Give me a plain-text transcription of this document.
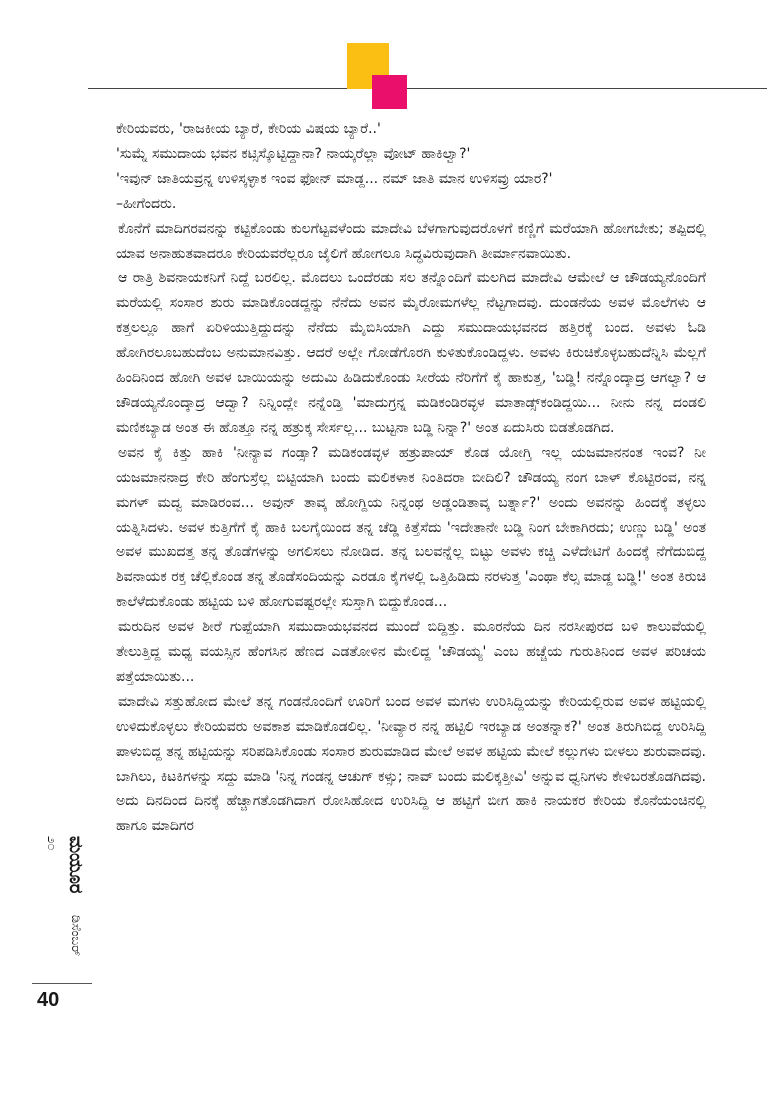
ಕೇರಿಯವರು, 'ರಾಜಕೀಯ ಬ್ಯಾರೆ, ಕೇರಿಯ ವಿಷಯ ಬ್ಯಾರೆ..'

'ಸುಮ್ನೆ ಸಮುದಾಯ ಭವನ ಕಟ್ಸಿಸ್ಕೊಟ್ಟಿದ್ದಾನಾ? ನಾಯ್ಕರೆಲ್ಲಾ ವೋಟ್ ಹಾಕಿಲ್ವಾ?'

'ಇವುನ್ ಜಾತಿಯವ್ರನ್ನ ಉಳಿಸ್ಕಳ್ಳಾಕ ಇಂವ ಫೋನ್ ಮಾಡ್ದ... ನಮ್ ಜಾತಿ ಮಾನ ಉಳಿಸವ್ರು ಯಾರ?'

–ಹೀಗೆಂದರು.

ಕೊನೆಗೆ ಮಾದಿಗರವನನ್ನು ಕಟ್ಟಿಕೊಂಡು ಕುಲಗೆಟ್ಟವಳೆಂದು ಮಾದೇವಿ ಬೆಳಗಾಗುವುದರೊಳಗೆ ಕಣ್ಣಿಗೆ ಮರೆಯಾಗಿ ಹೋಗಬೇಕು; ತಪ್ಪಿದಲ್ಲಿ ಯಾವ ಅನಾಹುತವಾದರೂ ಕೇರಿಯವರೆಲ್ಲರೂ ಜೈಲಿಗೆ ಹೋಗಲೂ ಸಿದ್ಧವಿರುವುದಾಗಿ ತೀರ್ಮಾನವಾಯಿತು.

ಆ ರಾತ್ರಿ ಶಿವನಾಯಕನಿಗೆ ನಿದ್ದೆ ಬರಲಿಲ್ಲ. ಮೊದಲು ಒಂದೆರಡು ಸಲ ತನ್ನೊಂದಿಗೆ ಮಲಗಿದ ಮಾದೇವಿ ಆಮೇಲೆ ಆ ಚೌಡಯ್ಯನೊಂದಿಗೆ ಮರೆಯಲ್ಲಿ ಸಂಸಾರ ಶುರು ಮಾಡಿಕೊಂಡದ್ದನ್ನು ನೆನೆದು ಅವನ ಮೈರೋಮಗಳೆಲ್ಲ ನೆಟ್ಟಗಾದವು. ದುಂಡನೆಯ ಅವಳ ಮೊಲೆಗಳು ಆ ಕತ್ತಲಲ್ಲೂ ಹಾಗೆ ಏರಿಳಿಯುತ್ತಿದ್ದುದನ್ನು ನೆನೆದು ಮೈಬಿಸಿಯಾಗಿ ಎದ್ದು ಸಮುದಾಯಭವನದ ಹತ್ತಿರಕ್ಕೆ ಬಂದ. ಅವಳು ಓಡಿ ಹೋಗಿರಲೂಬಹುದೆಂಬ ಅನುಮಾನವಿತ್ತು. ಆದರೆ ಅಲ್ಲೇ ಗೋಡೆಗೊರಗಿ ಕುಳಿತುಕೊಂಡಿದ್ದಳು. ಅವಳು ಕಿರುಚಿಕೊಳ್ಳಬಹುದೆನ್ನಿಸಿ ಮೆಲ್ಲಗೆ ಹಿಂದಿನಿಂದ ಹೋಗಿ ಅವಳ ಬಾಯಿಯನ್ನು ಅದುಮಿ ಹಿಡಿದುಕೊಂಡು ಸೀರೆಯ ನೆರಿಗೆಗೆ ಕೈ ಹಾಕುತ್ತ, 'ಬಡ್ಡಿ! ನನ್ನೊಂದ್ಕಾದ್ರ ಆಗಲ್ವಾ? ಆ ಚೌಡಯ್ಯನೊಂದ್ಕಾದ್ರ ಆದ್ವಾ? ನಿನ್ನಿಂದ್ಲೇ ನನ್ನೆಂಡ್ತಿ 'ಮಾದುಗ್ರನ್ನ ಮಡಿಕಂಡಿರವ್ಳಳ ಮಾತಾಡ್ಸ್‌ಕಂಡಿದ್ದಯಿ... ನೀನು ನನ್ನ ದಂಡಲಿ ಮಣಿಕಬ್ಯಾಡ ಅಂತ ಈ ಹೊತ್ತೂ ನನ್ನ ಹತ್ರುಕ್ಕ ಸೇರ್ಸಲ್ಲ... ಬುಟ್ಟನಾ ಬಡ್ಡಿ ನಿನ್ನಾ?' ಅಂತ ಏದುಸಿರು ಬಿಡತೊಡಗಿದ.

ಅವನ ಕೈ ಕಿತ್ತು ಹಾಕಿ 'ನೀನ್ಯಾವ ಗಂಡ್ಸಾ? ಮಡಿಕಂಡವ್ಳಳ ಹತ್ರುಪಾಯ್ ಕೊಡ ಯೋಗ್ತಿ ಇಲ್ಲ ಯಜಮಾನನಂತ ಇಂವ? ನೀ ಯಜಮಾನನಾದ್ರ ಕೇರಿ ಹೆಂಗುಸ್ರೆಲ್ಲ ಬಿಟ್ಟಿಯಾಗಿ ಬಂದು ಮಲಿಕಳಾಕ ನಿಂತಿದರಾ ಬೀದಿಲಿ? ಚೌಡಯ್ಯ ನಂಗ ಬಾಳ್ ಕೊಟ್ಟಿರಂವ, ನನ್ನ ಮಗಳ್ ಮದ್ವ ಮಾಡಿರಂವ... ಅವುನ್ ತಾವ್ಕ ಹೋಗ್ದಿಯ ನಿನ್ನಂಥ ಅಡ್ಡಂಡಿತಾವ್ಕ ಬರ್ತ್ನಾ?' ಅಂದು ಅವನನ್ನು ಹಿಂದಕ್ಕೆ ತಳ್ಳಲು ಯತ್ನಿಸಿದಳು. ಅವಳ ಕುತ್ತಿಗೆಗೆ ಕೈ ಹಾಕಿ ಬಲಗೈಯಿಂದ ತನ್ನ ಚೆಡ್ಡಿ ಕಿತ್ತೆಸೆದು 'ಇದೇತಾನೇ ಬಡ್ಡಿ ನಿಂಗ ಬೇಕಾಗಿರದು; ಉಣ್ಣು ಬಡ್ಡಿ' ಅಂತ ಅವಳ ಮುಖದತ್ತ ತನ್ನ ತೊಡೆಗಳನ್ನು ಅಗಲಿಸಲು ನೋಡಿದ. ತನ್ನ ಬಲವನ್ನೆಲ್ಲ ಬಿಟ್ಟು ಅವಳು ಕಚ್ಚಿ ಎಳೆದೇಟಿಗೆ ಹಿಂದಕ್ಕೆ ನೆಗೆದುಬಿದ್ದ ಶಿವನಾಯಕ ರಕ್ತ ಚೆಲ್ಲಿಕೊಂಡ ತನ್ನ ತೊಡೆಸಂದಿಯನ್ನು ಎರಡೂ ಕೈಗಳಲ್ಲಿ ಒತ್ತಿಹಿಡಿದು ನರಳುತ್ತ 'ಎಂಥಾ ಕೆಲ್ಸ ಮಾಡ್ದ ಬಡ್ಡಿ!' ಅಂತ ಕಿರುಚಿ ಕಾಲೆಳೆದುಕೊಂಡು ಹಟ್ಟಿಯ ಬಳಿ ಹೋಗುವಷ್ಟರಲ್ಲೇ ಸುಸ್ತಾಗಿ ಬಿದ್ದುಕೊಂಡ...

ಮರುದಿನ ಅವಳ ಶೀರೆ ಗುಪ್ಪೆಯಾಗಿ ಸಮುದಾಯಭವನದ ಮುಂದೆ ಬಿದ್ದಿತ್ತು. ಮೂರನೆಯ ದಿನ ನರಸೀಪುರದ ಬಳಿ ಕಾಲುವೆಯಲ್ಲಿ ತೇಲುತ್ತಿದ್ದ ಮಧ್ಯ ವಯಸ್ಸಿನ ಹೆಂಗಸಿನ ಹೆಣದ ಎಡತೋಳಿನ ಮೇಲಿದ್ದ 'ಚೌಡಯ್ಯ' ಎಂಬ ಹಚ್ಚೆಯ ಗುರುತಿನಿಂದ ಅವಳ ಪರಿಚಯ ಪತ್ತೆಯಾಯಿತು...

ಮಾದೇವಿ ಸತ್ತುಹೋದ ಮೇಲೆ ತನ್ನ ಗಂಡನೊಂದಿಗೆ ಊರಿಗೆ ಬಂದ ಅವಳ ಮಗಳು ಉರಿಸಿದ್ದಿಯನ್ನು ಕೇರಿಯಲ್ಲಿರುವ ಅವಳ ಹಟ್ಟಿಯಲ್ಲಿ ಉಳಿದುಕೊಳ್ಳಲು ಕೇರಿಯವರು ಅವಕಾಶ ಮಾಡಿಕೊಡಲಿಲ್ಲ. 'ನೀವ್ಯಾರ ನನ್ನ ಹಟ್ಟಿಲಿ ಇರಬ್ಯಾಡ ಅಂತನ್ನಾಕ?' ಅಂತ ತಿರುಗಿಬಿದ್ದ ಉರಿಸಿದ್ದಿ ಪಾಳುಬಿದ್ದ ತನ್ನ ಹಟ್ಟಿಯನ್ನು ಸರಿಪಡಿಸಿಕೊಂಡು ಸಂಸಾರ ಶುರುಮಾಡಿದ ಮೇಲೆ ಅವಳ ಹಟ್ಟಿಯ ಮೇಲೆ ಕಲ್ಲುಗಳು ಬೀಳಲು ಶುರುವಾದವು. ಬಾಗಿಲು, ಕಿಟಕಿಗಳನ್ನು ಸದ್ದು ಮಾಡಿ 'ನಿನ್ನ ಗಂಡನ್ನ ಆಚುಗ್ ಕಳ್ಸು; ನಾವ್ ಬಂದು ಮಲಿಕ್ಕತ್ತೀವಿ' ಅನ್ನುವ ಧ್ವನಿಗಳು ಕೇಳಿಬರತೊಡಗಿದವು. ಅದು ದಿನದಿಂದ ದಿನಕ್ಕೆ ಹೆಚ್ಚಾಗತೊಡಗಿದಾಗ ರೋಸಿಹೋದ ಉರಿಸಿದ್ದಿ ಆ ಹಟ್ಟಿಗೆ ಬೀಗ ಹಾಕಿ ನಾಯಕರ ಕೇರಿಯ ಕೊನೆಯಂಚಿನಲ್ಲಿ ಹಾಗೂ ಮಾದಿಗರ

ಮಯೂರ ಡಿಸೆಂಬರ್ ೨೦
40
